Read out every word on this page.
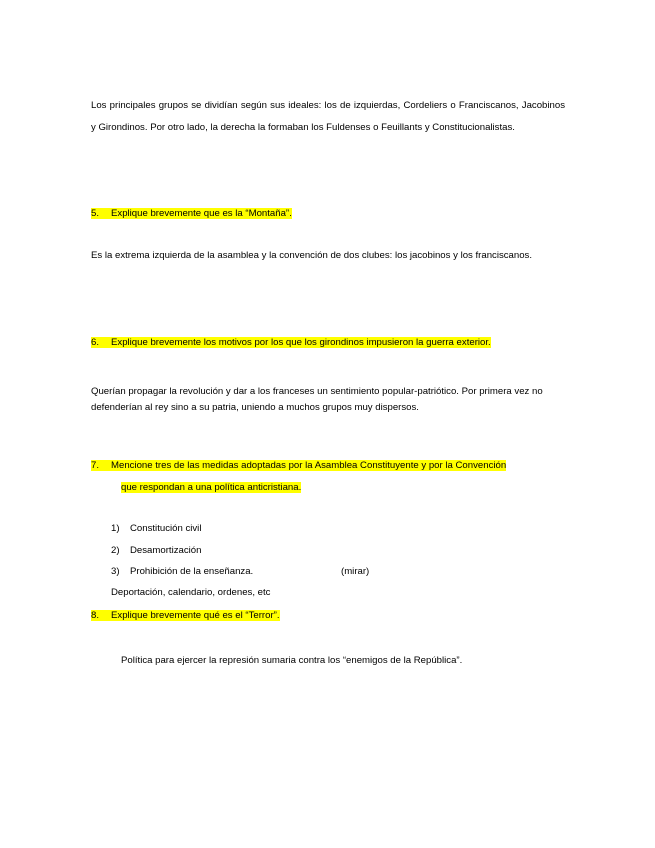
Los principales grupos se dividían según sus ideales: los de izquierdas, Cordeliers o Franciscanos, Jacobinos y Girondinos. Por otro lado, la derecha la formaban los Fuldenses o Feuillants y Constitucionalistas.
5. Explique brevemente que es la “Montaña”.
Es la extrema izquierda de la asamblea y la convención de dos clubes: los jacobinos y los franciscanos.
6. Explique brevemente los motivos por los que los girondinos impusieron la guerra exterior.
Querían propagar la revolución y dar a los franceses un sentimiento popular-patriótico. Por primera vez no defenderían al rey sino a su patria, uniendo a muchos grupos muy dispersos.
7. Mencione tres de las medidas adoptadas por la Asamblea Constituyente y por la Convención
que respondan a una política anticristiana.
1) Constitución civil
2) Desamortización
3) Prohibición de la enseñanza.	(mirar)
Deportación, calendario, ordenes, etc
8. Explique brevemente qué es el “Terror”.
Política para ejercer la represión sumaria contra los “enemigos de la República”.
